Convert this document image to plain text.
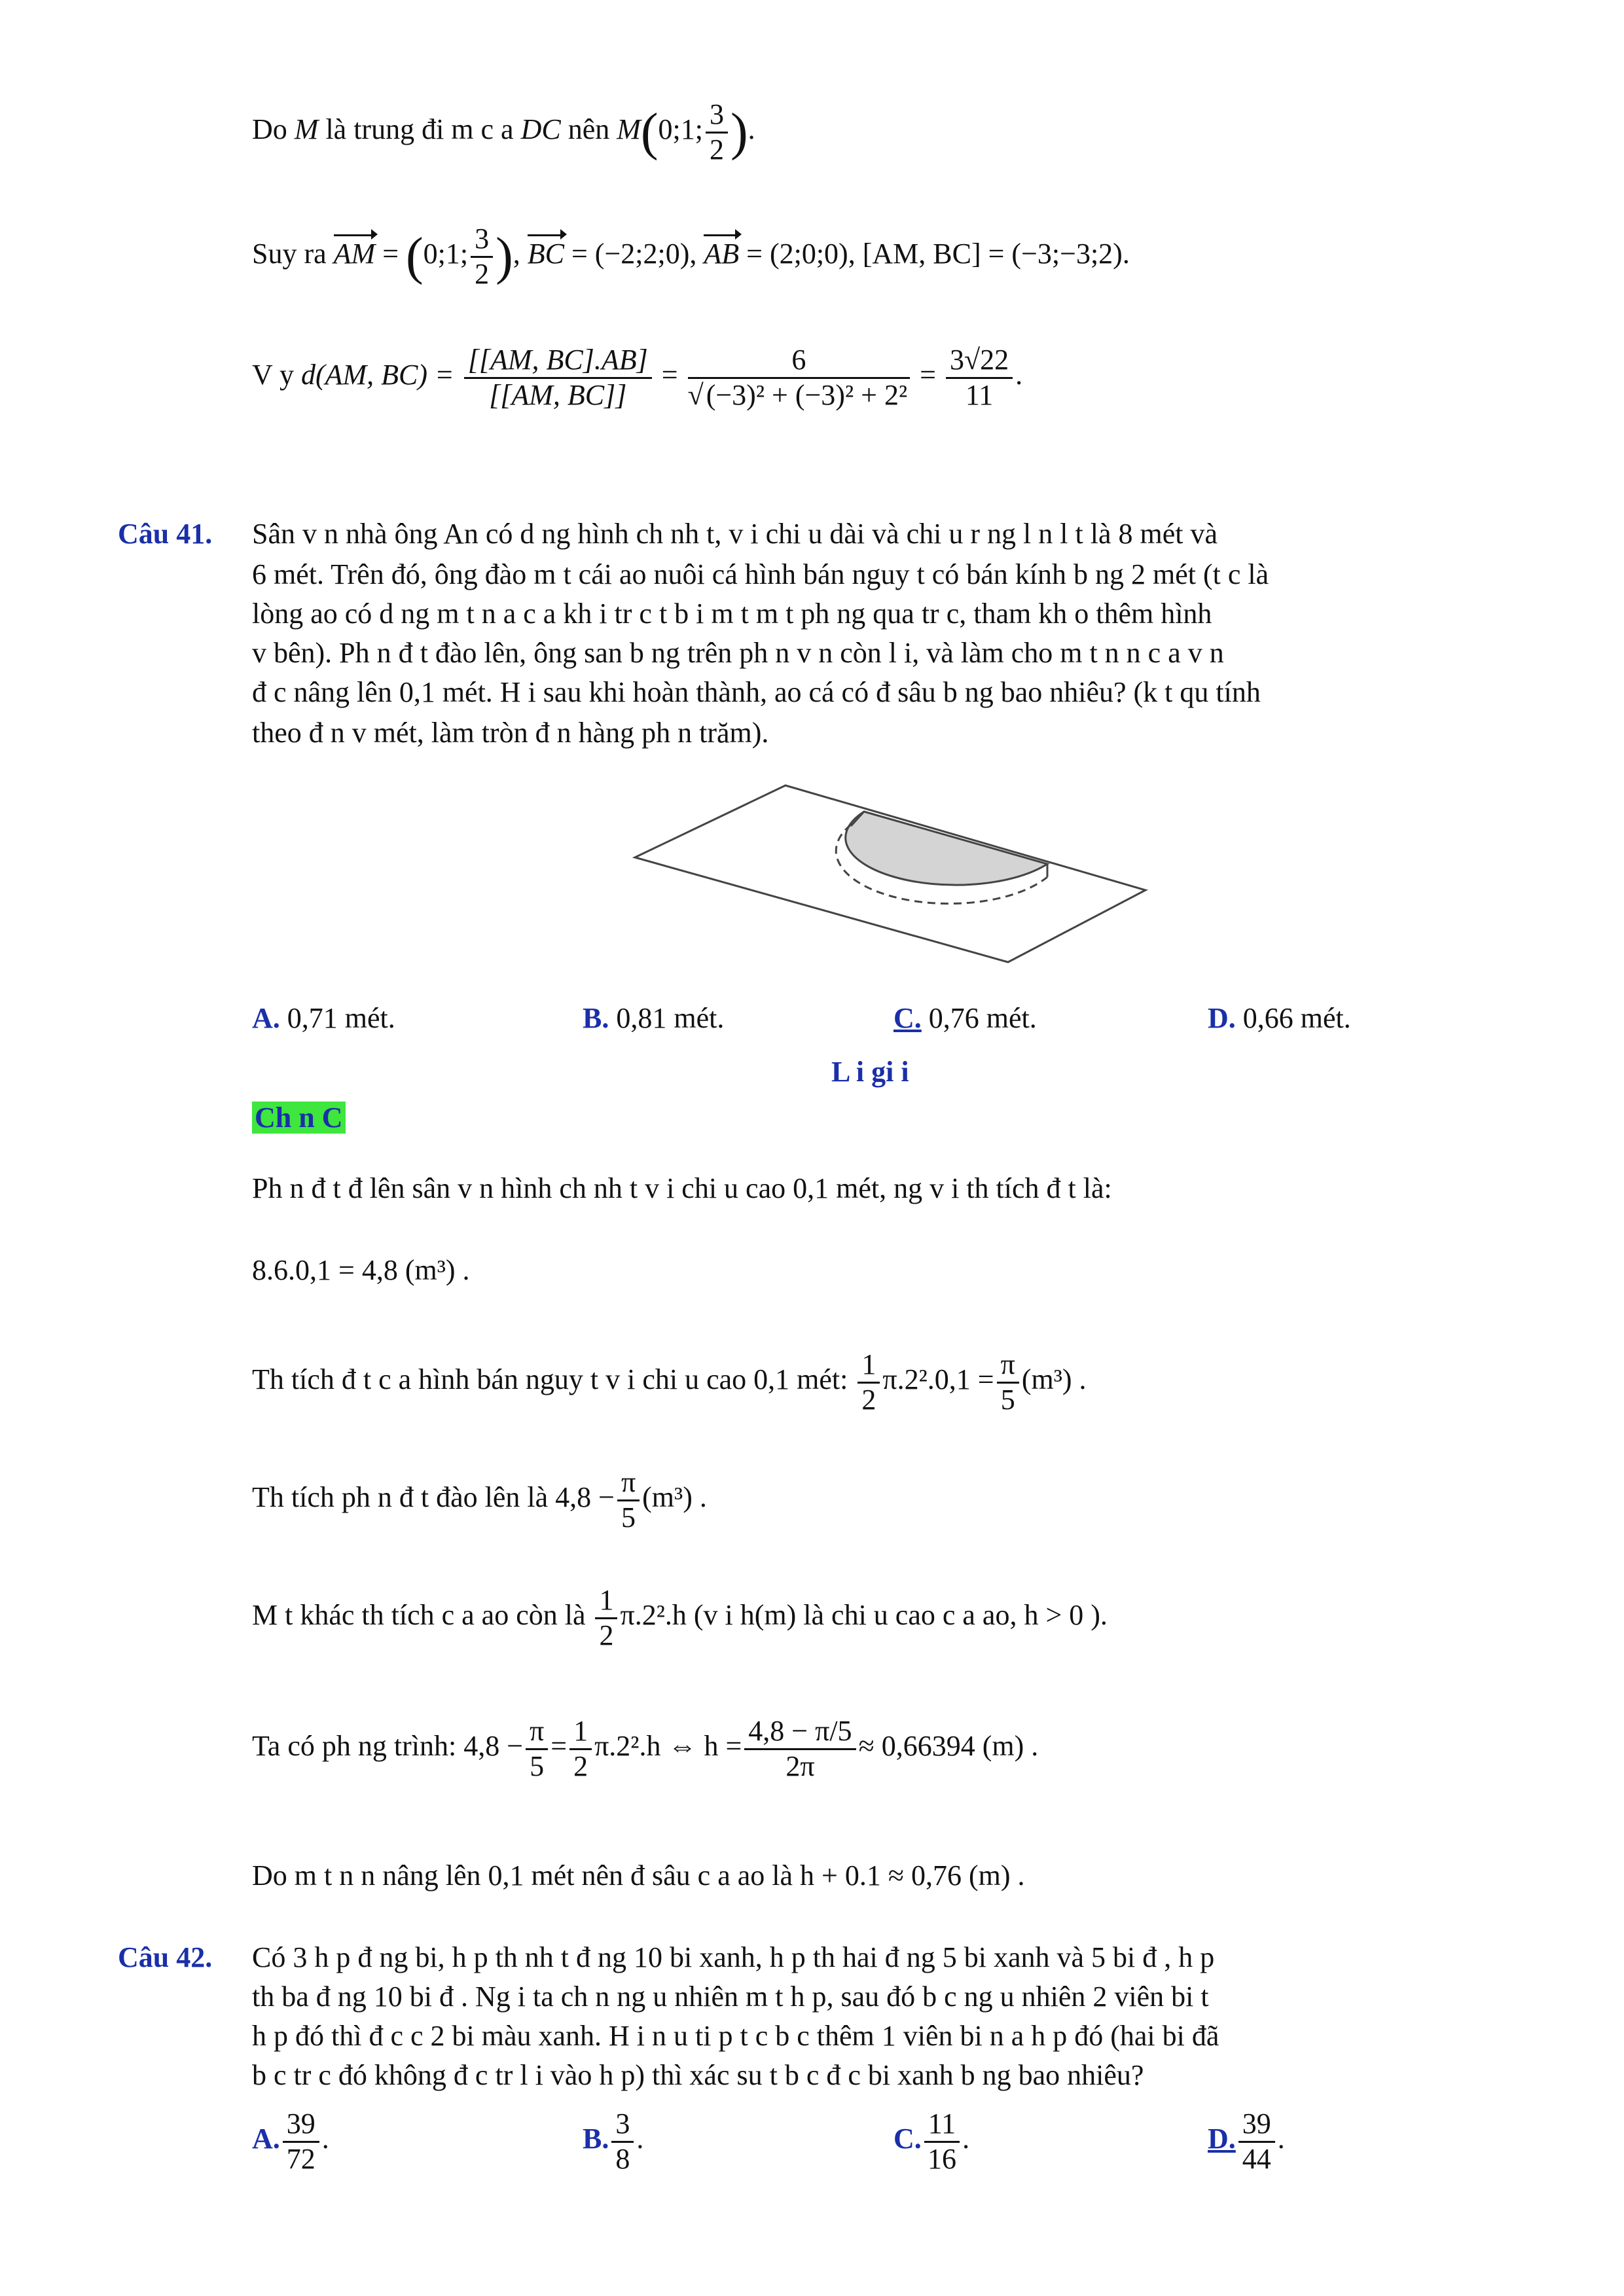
Do M là trung đi m c a DC nên M(0;1; $\frac{3}{2}$ ).
Suy ra AM = (0;1; $\frac{3}{2}$ ), BC = (−2;2;0), AB = (2;0;0), [AM, BC] = (−3;−3;2).
V y d(AM, $BC) = \frac{[[AM, BC].AB]}{[[AM, BC]]} = \frac{6}{\text{√(−3)² + (−3)² + 2²}} = \frac{3√22}{11}$ .
Câu 41. Sân v n nhà ông An có d ng hình ch nh t, v i chi u dài và chi u r ng l n l t là 8 mét và
6 mét. Trên đó, ông đào m t cái ao nuôi cá hình bán nguy t có bán kính b ng 2 mét (t c là
lòng ao có d ng m t n a c a kh i tr c t b i m t m t ph ng qua tr c, tham kh o thêm hình
v bên). Ph n đ t đào lên, ông san b ng trên ph n v n còn l i, và làm cho m t n n c a v n
đ c nâng lên 0,1 mét. H i sau khi hoàn thành, ao cá có đ sâu b ng bao nhiêu? (k t qu tính
theo đ n v mét, làm tròn đ n hàng ph n trăm).
A. 0,71 mét.	B. 0,81 mét.	C. 0,76 mét.	D. 0,66 mét.
L i gi i
Ch n C
Ph n đ t đ lên sân v n hình ch nh t v i chi u cao 0,1 mét, ng v i th tích đ t là:
8.6.0,1 = 4,8 (m³) .
Th tích đ t c a hình bán nguy t v i chi u cao 0,1 mét: $\frac{1}{2} \pi.2^2.0,1 = \frac{\pi}{5} (m^3)$ .
Th tích ph n đ t đào lên là $4,8 - \frac{\pi}{5} (m^3)$ .
M t khác th tích c a ao còn là $\frac{1}{2} \pi.2^2.h$ (v i h(m) là chi u cao c a ao, h > 0 ).
Ta có ph ng trình: $4,8 - \frac{\pi}{5} = \frac{1}{2} \pi.2^2.h$ ⇔ $h = \frac{4,8 - \pi/5}{2\pi} \approx 0,66394$ (m) .
Do m t n n nâng lên 0,1 mét nên đ sâu c a ao là h + 0.1 ≈ 0,76 (m) .
Câu 42. Có 3 h p đ ng bi, h p th nh t đ ng 10 bi xanh, h p th hai đ ng 5 bi xanh và 5 bi đ , h p
th ba đ ng 10 bi đ . Ng i ta ch n ng u nhiên m t h p, sau đó b c ng u nhiên 2 viên bi t
h p đó thì đ c c 2 bi màu xanh. H i n u ti p t c b c thêm 1 viên bi n a h p đó (hai bi đã
b c tr c đó không đ c tr l i vào h p) thì xác su t b c đ c bi xanh b ng bao nhiêu?
A. $\frac{39}{72}$ .	B. $\frac{3}{8}$ .	C. $\frac{11}{16}$ .	D. $\frac{39}{44}$ .
